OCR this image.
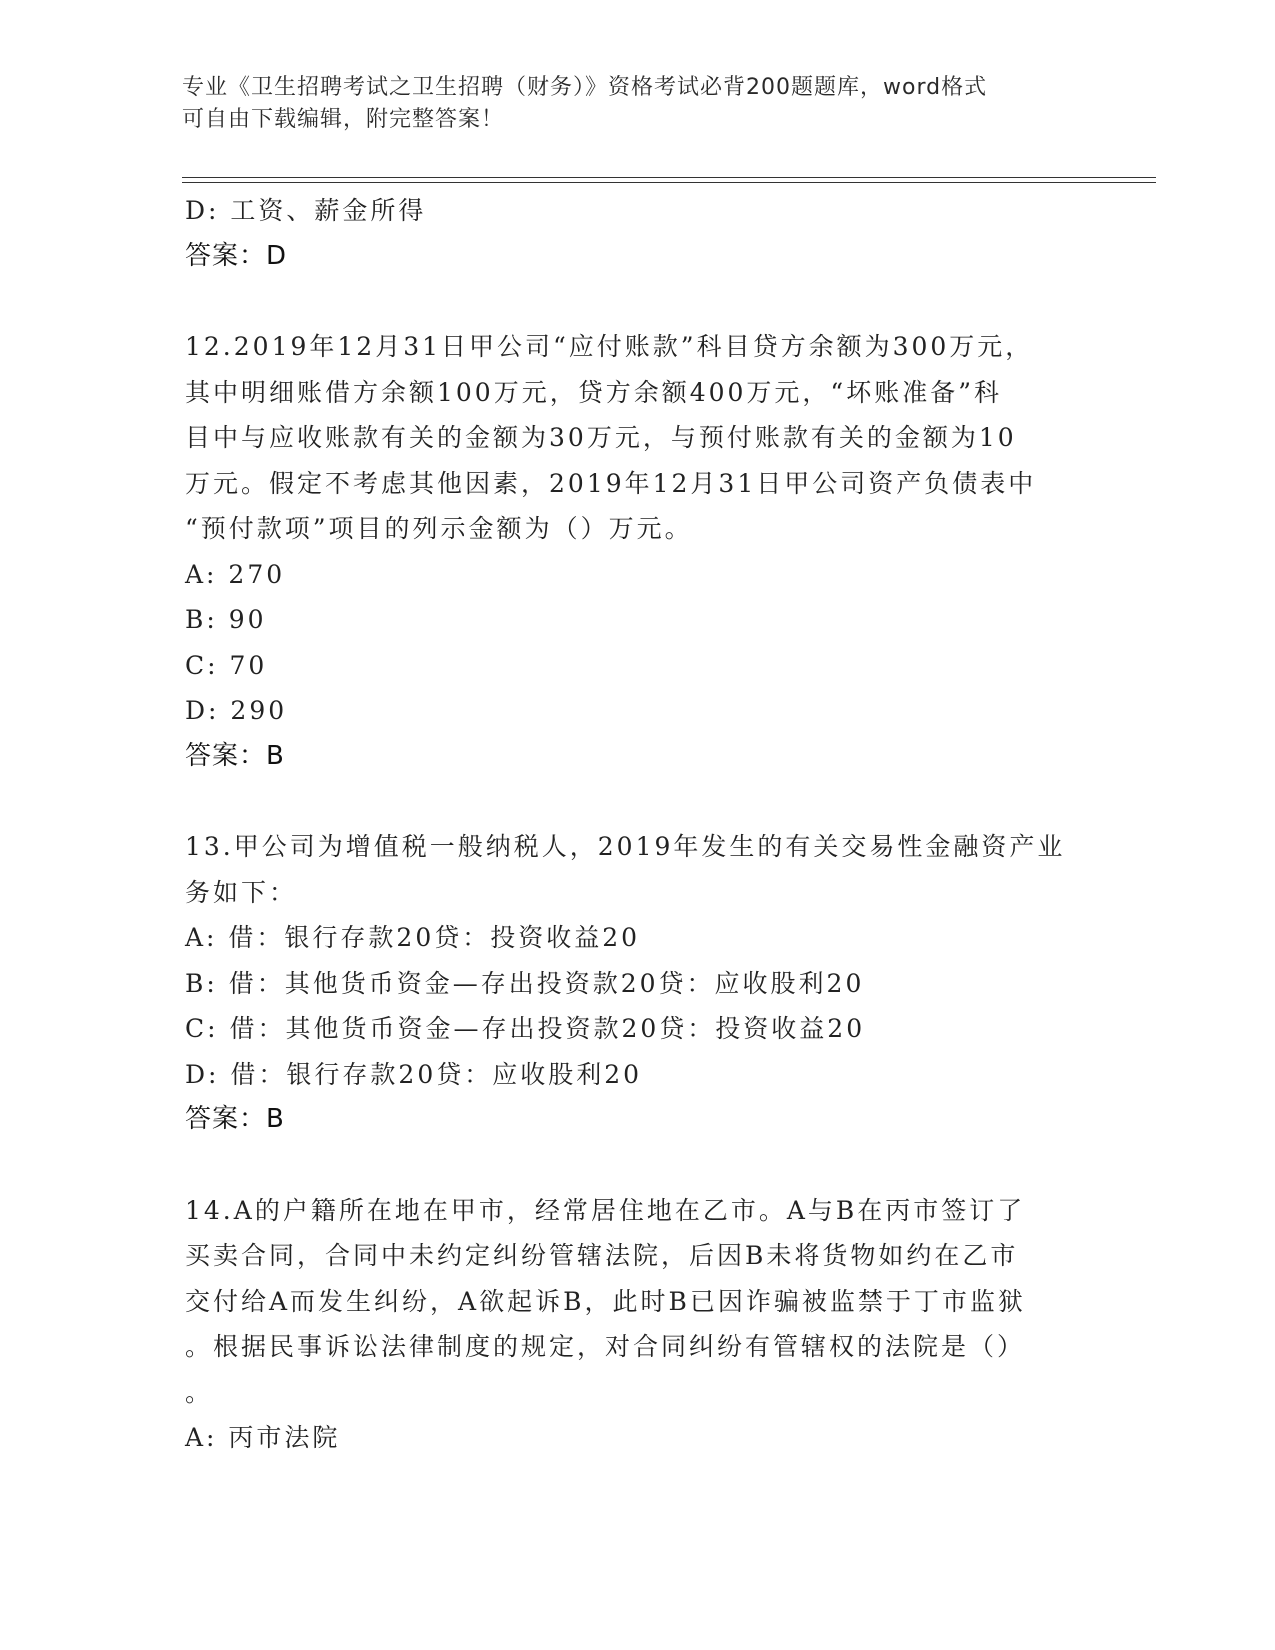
专业《卫生招聘考试之卫生招聘（财务）》资格考试必背200题题库，word格式
可自由下载编辑，附完整答案！
D: 工资、薪金所得
答案：D
12.2019年12月31日甲公司“应付账款”科目贷方余额为300万元，
其中明细账借方余额100万元，贷方余额400万元，“坏账准备”科
目中与应收账款有关的金额为30万元，与预付账款有关的金额为10
万元。假定不考虑其他因素，2019年12月31日甲公司资产负债表中
“预付款项”项目的列示金额为（）万元。
A: 270
B: 90
C: 70
D: 290
答案：B
13.甲公司为增值税一般纳税人，2019年发生的有关交易性金融资产业
务如下：
A: 借：银行存款20贷：投资收益20
B: 借：其他货币资金—存出投资款20贷：应收股利20
C: 借：其他货币资金—存出投资款20贷：投资收益20
D: 借：银行存款20贷：应收股利20
答案：B
14.A的户籍所在地在甲市，经常居住地在乙市。A与B在丙市签订了
买卖合同，合同中未约定纠纷管辖法院，后因B未将货物如约在乙市
交付给A而发生纠纷，A欲起诉B，此时B已因诈骗被监禁于丁市监狱
。根据民事诉讼法律制度的规定，对合同纠纷有管辖权的法院是（）
。
A: 丙市法院
